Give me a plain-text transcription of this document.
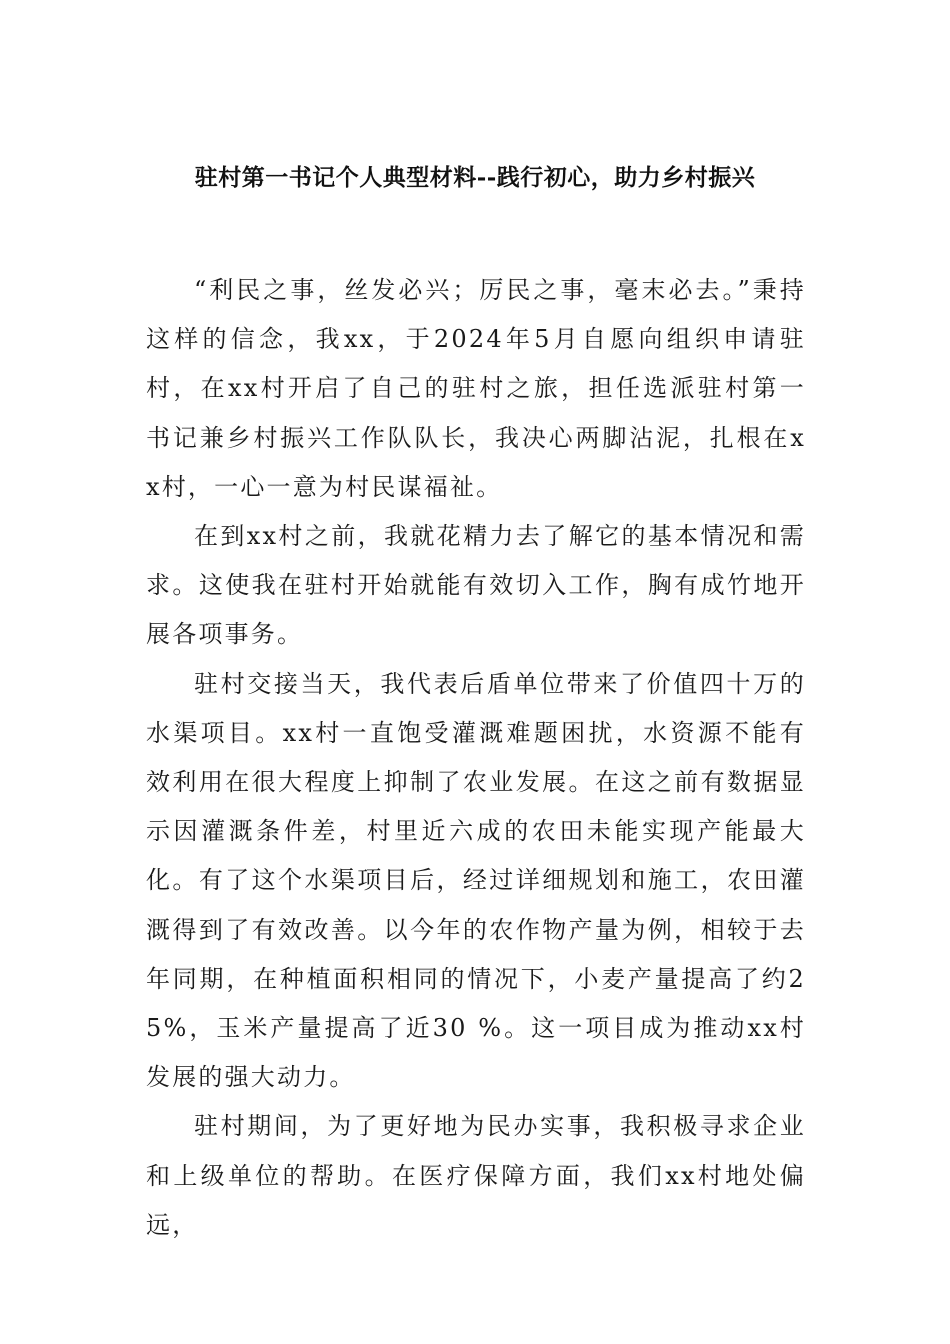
驻村第一书记个人典型材料--践行初心，助力乡村振兴

“利民之事，丝发必兴；厉民之事，毫末必去。”秉持这样的信念，我xx，于2024年5月自愿向组织申请驻村，在xx村开启了自己的驻村之旅，担任选派驻村第一书记兼乡村振兴工作队队长，我决心两脚沾泥，扎根在xx村，一心一意为村民谋福祉。

在到xx村之前，我就花精力去了解它的基本情况和需求。这使我在驻村开始就能有效切入工作，胸有成竹地开展各项事务。

驻村交接当天，我代表后盾单位带来了价值四十万的水渠项目。xx村一直饱受灌溉难题困扰，水资源不能有效利用在很大程度上抑制了农业发展。在这之前有数据显示因灌溉条件差，村里近六成的农田未能实现产能最大化。有了这个水渠项目后，经过详细规划和施工，农田灌溉得到了有效改善。以今年的农作物产量为例，相较于去年同期，在种植面积相同的情况下，小麦产量提高了约25%，玉米产量提高了近30 %。这一项目成为推动xx村发展的强大动力。

驻村期间，为了更好地为民办实事，我积极寻求企业和上级单位的帮助。在医疗保障方面，我们xx村地处偏远，
